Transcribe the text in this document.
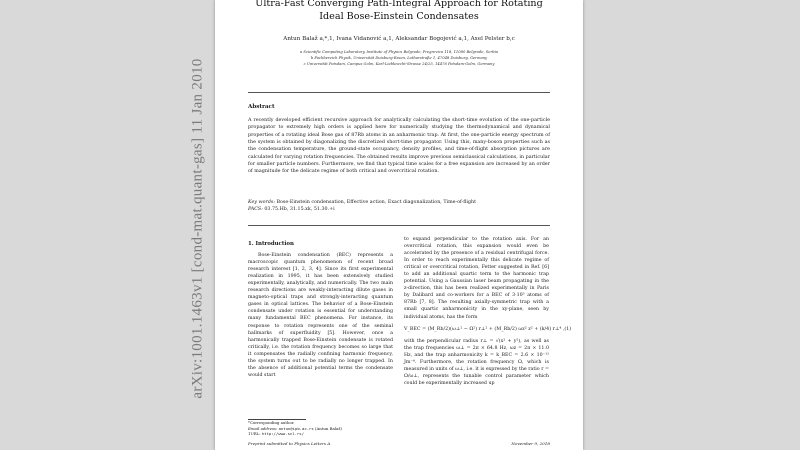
arXiv:1001.1463v1 [cond-mat.quant-gas] 11 Jan 2010
Ultra-Fast Converging Path-Integral Approach for Rotating
Ideal Bose-Einstein Condensates
Antun Balaž a,*,1, Ivana Vidanović a,1, Aleksandar Bogojević a,1, Axel Pelster b,c
a Scientific Computing Laboratory, Institute of Physics Belgrade, Pregrevica 118, 11080 Belgrade, Serbia
b Fachbereich Physik, Universität Duisburg-Essen, Lotharstraße 1, 47048 Duisburg, Germany
c Universität Potsdam, Campus Golm, Karl-Liebknecht-Strasse 24/25, 14476 Potsdam-Golm, Germany
Abstract
A recently developed efficient recursive approach for analytically calculating the short-time evolution of the one-particle propagator to extremely high orders is applied here for numerically studying the thermodynamical and dynamical properties of a rotating ideal Bose gas of 87Rb atoms in an anharmonic trap. At first, the one-particle energy spectrum of the system is obtained by diagonalizing the discretized short-time propagator. Using this, many-boson properties such as the condensation temperature, the ground-state occupancy, density profiles, and time-of-flight absorption pictures are calculated for varying rotation frequencies. The obtained results improve previous semiclassical calculations, in particular for smaller particle numbers. Furthermore, we find that typical time scales for a free expansion are increased by an order of magnitude for the delicate regime of both critical and overcritical rotation.
Key words: Bose-Einstein condensation, Effective action, Exact diagonalization, Time-of-flight
PACS: 03.75.Hb, 31.15.xk, 51.30.+i
1. Introduction

Bose-Einstein condensation (BEC) represents a macroscopic quantum phenomenon of recent broad research interest [1, 2, 3, 4]. Since its first experimental realization in 1995, it has been extensively studied experimentally, analytically, and numerically. The two main research directions are weakly-interacting dilute gases in magneto-optical traps and strongly-interacting quantum gases in optical lattices. The behavior of a Bose-Einstein condensate under rotation is essential for understanding many fundamental BEC phenomena. For instance, its response to rotation represents one of the seminal hallmarks of superfluidity [5]. However, once a harmonically trapped Bose-Einstein condensate is rotated critically, i.e. the rotation frequency becomes so large that it compensates the radially confining harmonic frequency, the system turns out to be radially no longer trapped. In the absence of additional potential terms the condensate would start

to expand perpendicular to the rotation axis. For an overcritical rotation, this expansion would even be accelerated by the presence of a residual centrifugal force. In order to reach experimentally this delicate regime of critical or overcritical rotation, Fetter suggested in Ref. [6] to add an additional quartic term to the harmonic trap potential. Using a Gaussian laser beam propagating in the z-direction, this has been realized experimentally in Paris by Dalibard and co-workers for a BEC of 3·10⁵ atoms of 87Rb [7, 8]. The resulting axially-symmetric trap with a small quartic anharmonicity in the xy-plane, seen by individual atoms, has the form

V_BEC = (M_Rb/2)(ω⊥² − Ω²) r⊥² + (M_Rb/2) ωz² z² + (k/4) r⊥⁴ , (1)

with the perpendicular radius r⊥ = √(x² + y²), as well as the trap frequencies ω⊥ = 2π × 64.8 Hz, ωz = 2π × 11.0 Hz, and the trap anharmonicity k = k_BEC = 2.6 × 10⁻¹¹ Jm⁻⁴. Furthermore, the rotation frequency Ω, which is measured in units of ω⊥, i.e. it is expressed by the ratio r = Ω/ω⊥, represents the tunable control parameter which could be experimentally increased up

*Corresponding author.
Email address: antun@ipb.ac.rs (Antun Balaž)
1URL: http://www.scl.rs/
Preprint submitted to Physics Letters A	November 9, 2018
